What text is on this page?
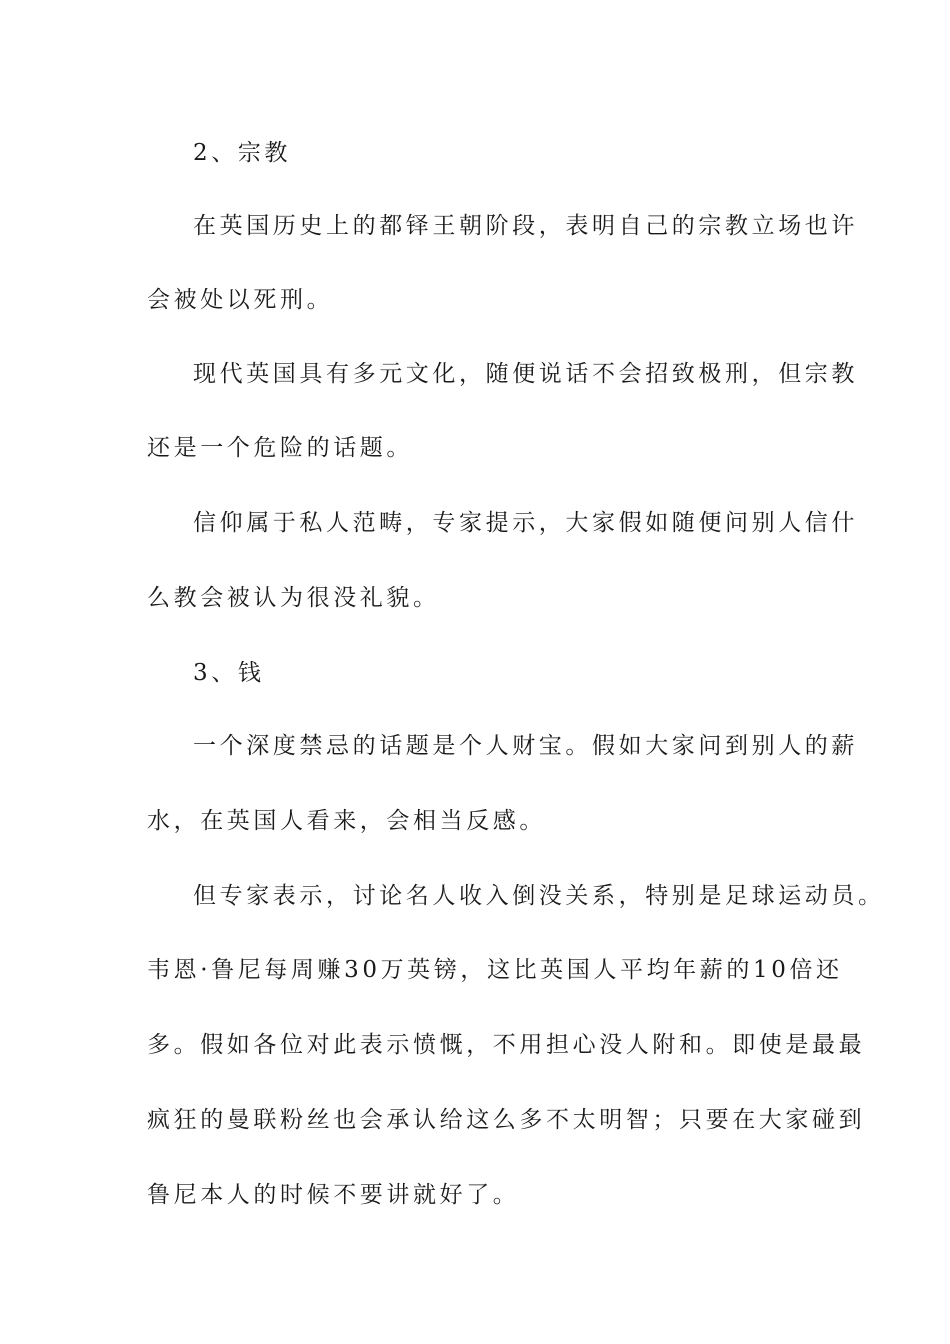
2、宗教
在英国历史上的都铎王朝阶段，表明自己的宗教立场也许
会被处以死刑。
现代英国具有多元文化，随便说话不会招致极刑，但宗教
还是一个危险的话题。
信仰属于私人范畴，专家提示，大家假如随便问别人信什
么教会被认为很没礼貌。
3、钱
一个深度禁忌的话题是个人财宝。假如大家问到别人的薪
水，在英国人看来，会相当反感。
但专家表示，讨论名人收入倒没关系，特别是足球运动员。
韦恩·鲁尼每周赚30万英镑，这比英国人平均年薪的10倍还
多。假如各位对此表示愤慨，不用担心没人附和。即使是最最
疯狂的曼联粉丝也会承认给这么多不太明智；只要在大家碰到
鲁尼本人的时候不要讲就好了。
